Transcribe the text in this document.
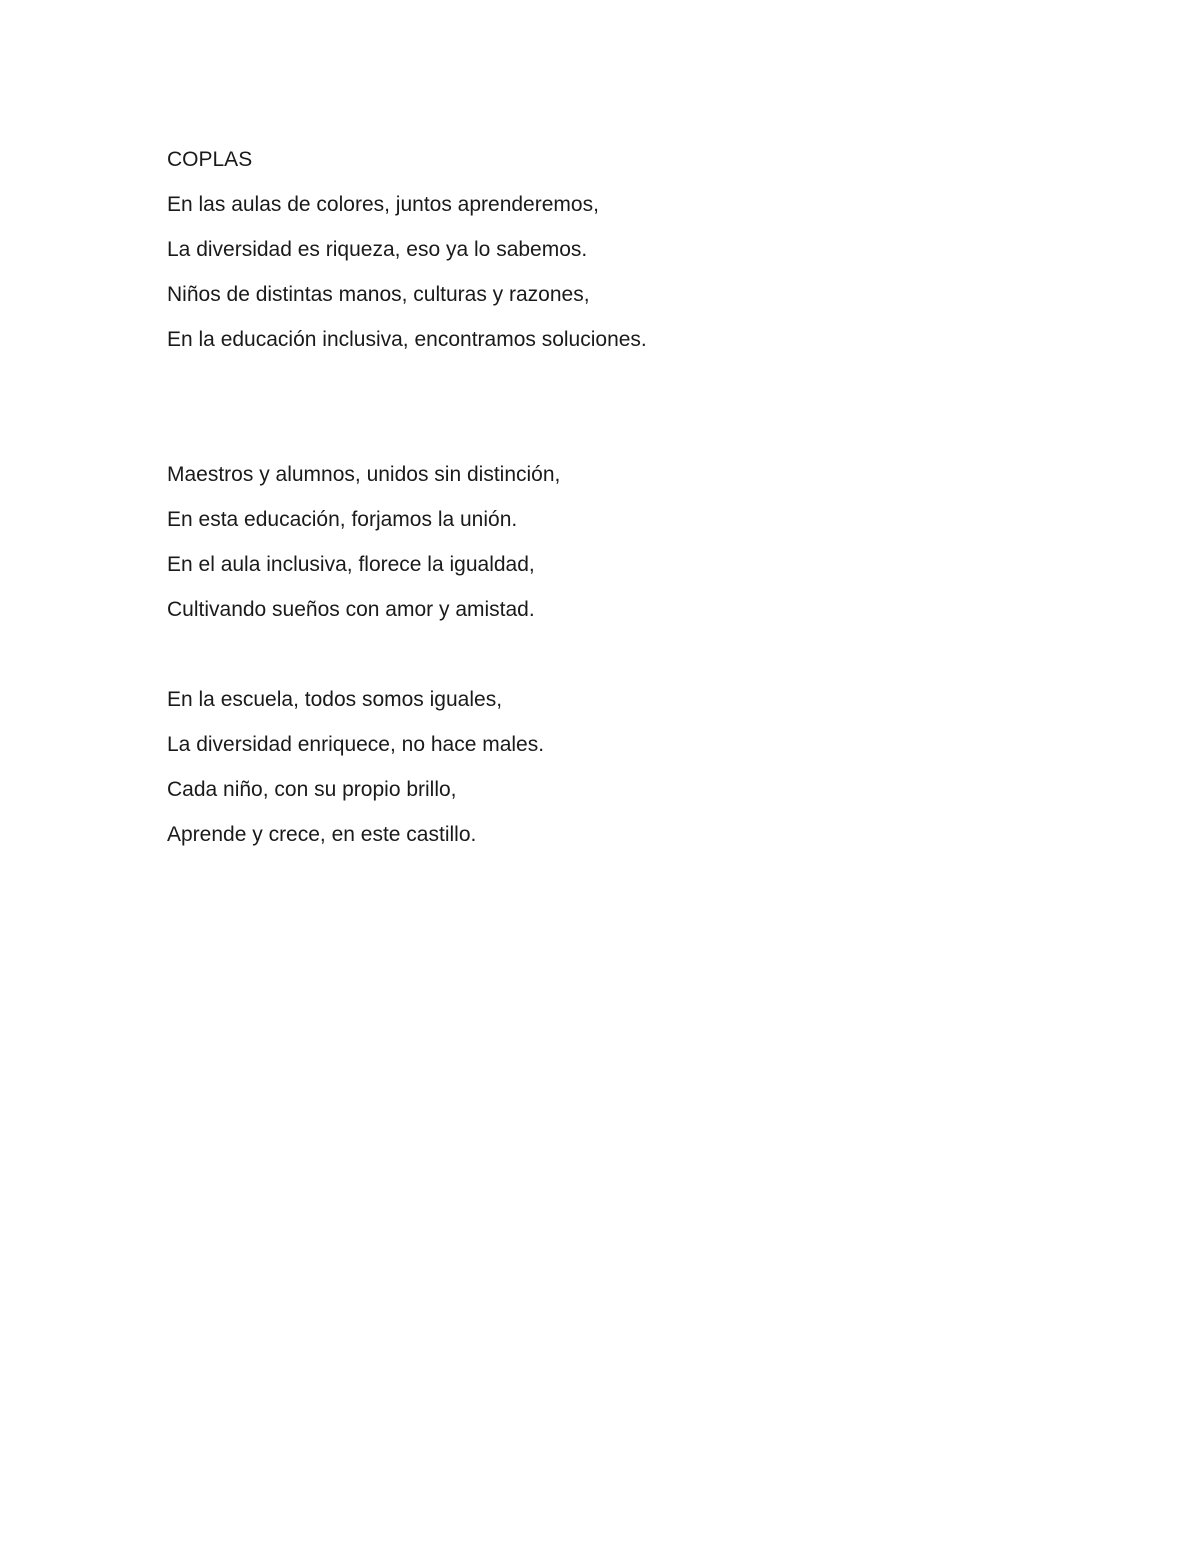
COPLAS
En las aulas de colores, juntos aprenderemos,
La diversidad es riqueza, eso ya lo sabemos.
Niños de distintas manos, culturas y razones,
En la educación inclusiva, encontramos soluciones.
Maestros y alumnos, unidos sin distinción,
En esta educación, forjamos la unión.
En el aula inclusiva, florece la igualdad,
Cultivando sueños con amor y amistad.
En la escuela, todos somos iguales,
La diversidad enriquece, no hace males.
Cada niño, con su propio brillo,
Aprende y crece, en este castillo.
